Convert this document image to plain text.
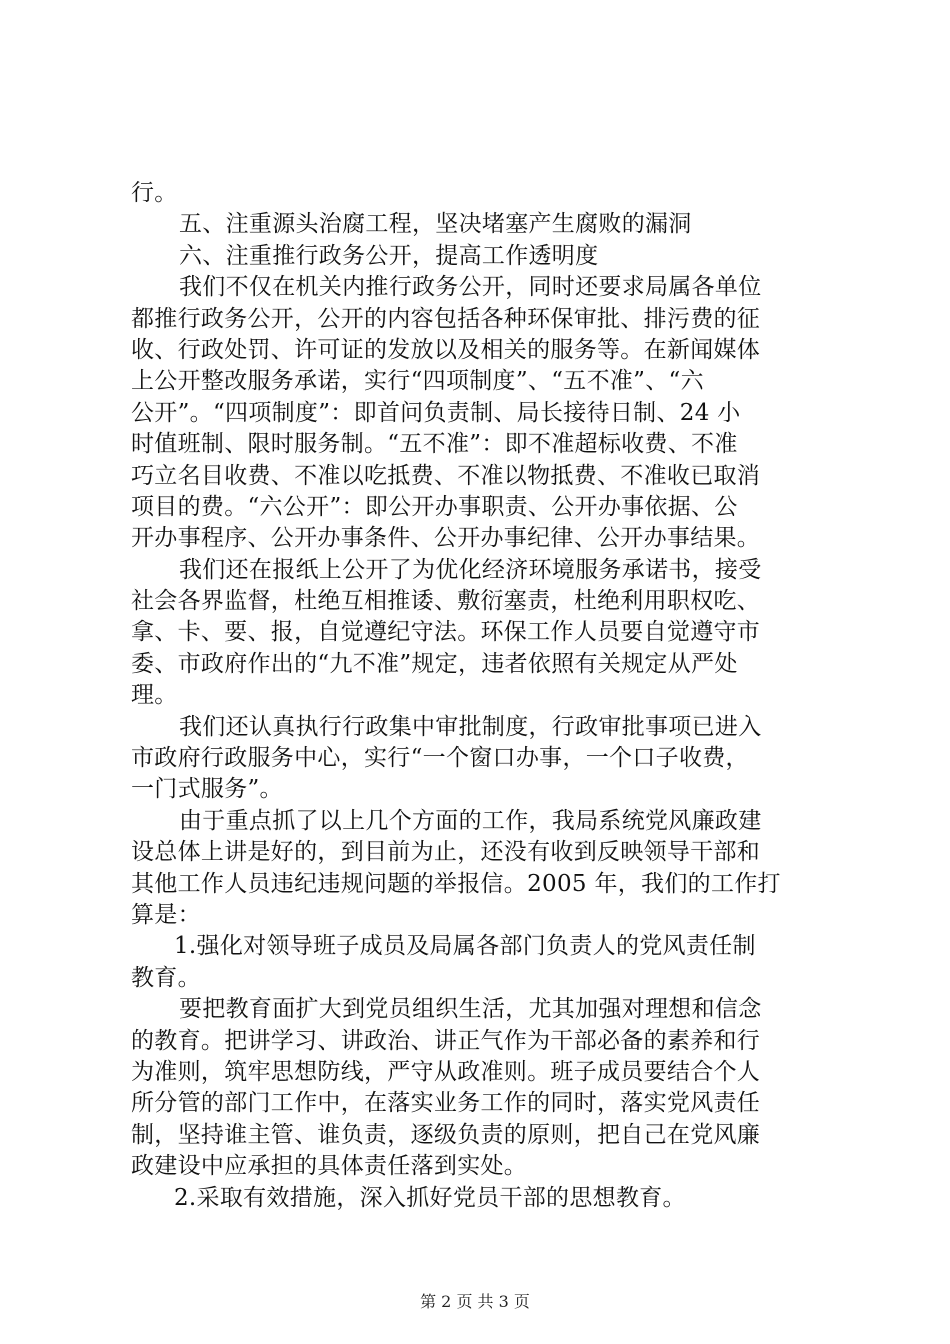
行。
五、注重源头治腐工程，坚决堵塞产生腐败的漏洞
六、注重推行政务公开，提高工作透明度
我们不仅在机关内推行政务公开，同时还要求局属各单位
都推行政务公开，公开的内容包括各种环保审批、排污费的征
收、行政处罚、许可证的发放以及相关的服务等。在新闻媒体
上公开整改服务承诺，实行“四项制度”、“五不准”、“六
公开”。“四项制度”：即首问负责制、局长接待日制、24 小
时值班制、限时服务制。“五不准”：即不准超标收费、不准
巧立名目收费、不准以吃抵费、不准以物抵费、不准收已取消
项目的费。“六公开”：即公开办事职责、公开办事依据、公
开办事程序、公开办事条件、公开办事纪律、公开办事结果。
我们还在报纸上公开了为优化经济环境服务承诺书，接受
社会各界监督，杜绝互相推诿、敷衍塞责，杜绝利用职权吃、
拿、卡、要、报，自觉遵纪守法。环保工作人员要自觉遵守市
委、市政府作出的“九不准”规定，违者依照有关规定从严处
理。
我们还认真执行行政集中审批制度，行政审批事项已进入
市政府行政服务中心，实行“一个窗口办事，一个口子收费，
一门式服务”。
由于重点抓了以上几个方面的工作，我局系统党风廉政建
设总体上讲是好的，到目前为止，还没有收到反映领导干部和
其他工作人员违纪违规问题的举报信。2005 年，我们的工作打
算是：
1.强化对领导班子成员及局属各部门负责人的党风责任制
教育。
要把教育面扩大到党员组织生活，尤其加强对理想和信念
的教育。把讲学习、讲政治、讲正气作为干部必备的素养和行
为准则，筑牢思想防线，严守从政准则。班子成员要结合个人
所分管的部门工作中，在落实业务工作的同时，落实党风责任
制，坚持谁主管、谁负责，逐级负责的原则，把自己在党风廉
政建设中应承担的具体责任落到实处。
2.采取有效措施，深入抓好党员干部的思想教育。
第 2 页 共 3 页
